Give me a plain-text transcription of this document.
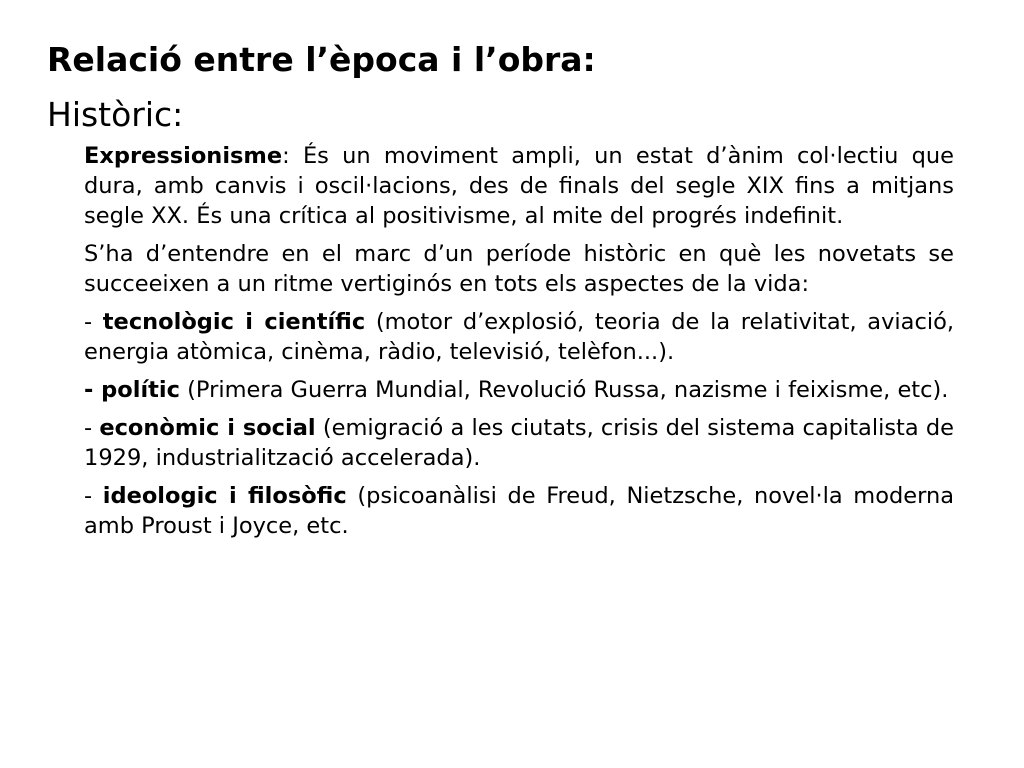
Relació entre l’època i l’obra:
Històric:

Expressionisme: És un moviment ampli, un estat d’ànim col·lectiu que dura, amb canvis i oscil·lacions, des de finals del segle XIX fins a mitjans segle XX. És una crítica al positivisme, al mite del progrés indefinit.

S’ha d’entendre en el marc d’un període històric en què les novetats se succeeixen a un ritme vertiginós en tots els aspectes de la vida:

- tecnològic i científic (motor d’explosió, teoria de la relativitat, aviació, energia atòmica, cinèma, ràdio, televisió, telèfon...).

- polític (Primera Guerra Mundial, Revolució Russa, nazisme i feixisme, etc).

- econòmic i social (emigració a les ciutats, crisis del sistema capitalista de 1929, industrialització accelerada).

- ideologic i filosòfic (psicoanàlisi de Freud, Nietzsche, novel·la moderna amb Proust i Joyce, etc.
